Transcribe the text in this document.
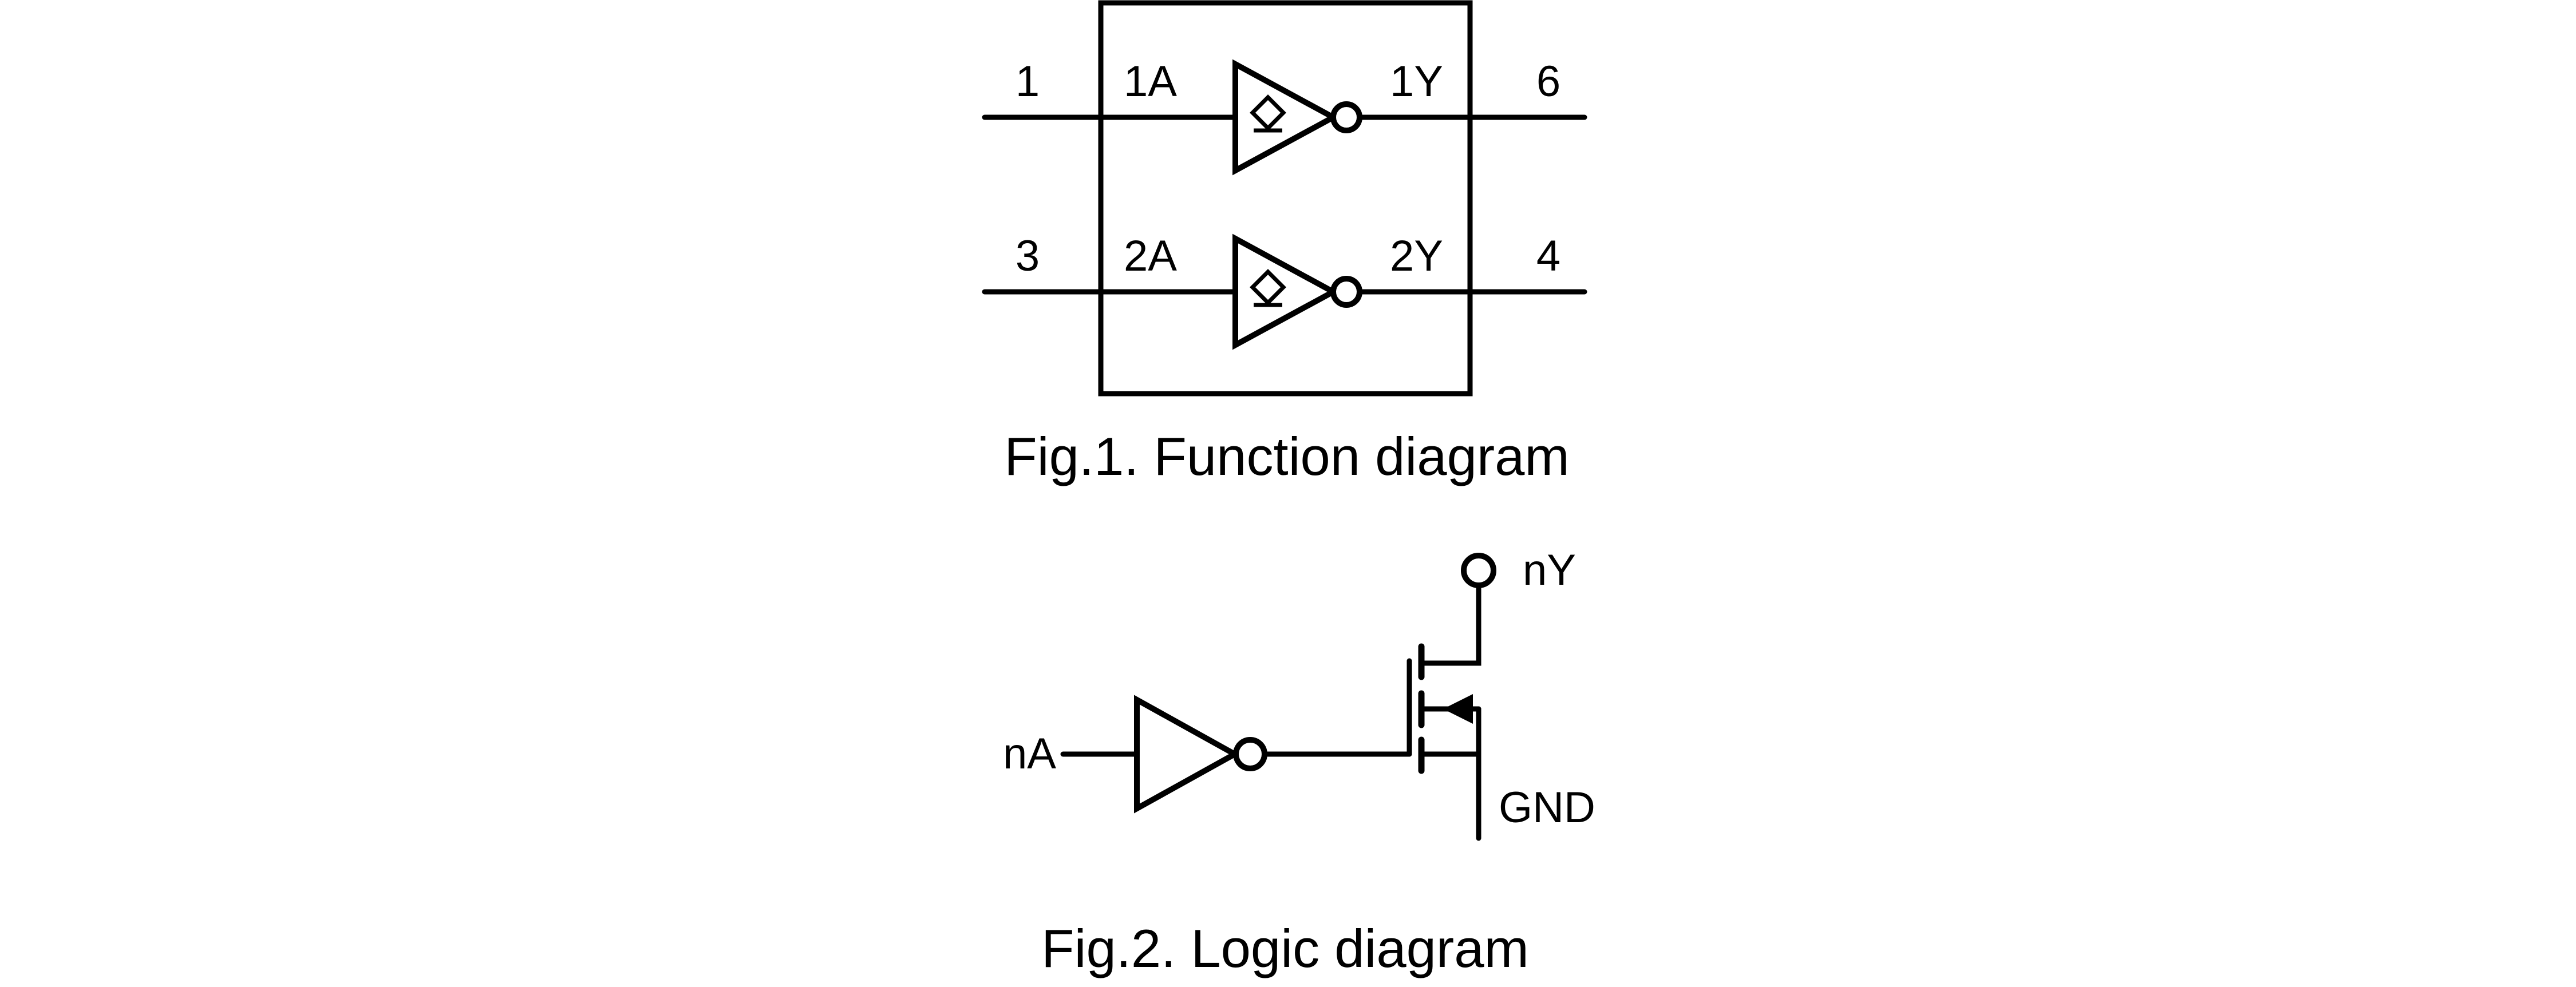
1 1A	1Y 6
3 2A	2Y 4
Fig.1. Function diagram
nA
nY
GND
Fig.2. Logic diagram
